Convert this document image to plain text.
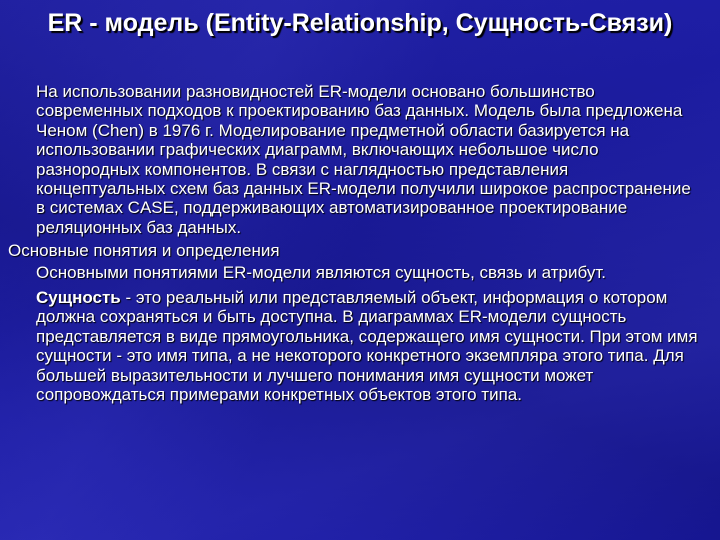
ER - модель (Entity-Relationship, Сущность-Связи)

На использовании разновидностей ER-модели основано большинство современных подходов к проектированию баз данных. Модель была предложена Ченом (Chen) в 1976 г. Моделирование предметной области базируется на использовании графических диаграмм, включающих небольшое число разнородных компонентов. В связи с наглядностью представления концептуальных схем баз данных ER-модели получили широкое распространение в системах CASE, поддерживающих автоматизированное проектирование реляционных баз данных.

Основные понятия и определения

Основными понятиями ER-модели являются сущность, связь и атрибут.

Сущность - это реальный или представляемый объект, информация о котором должна сохраняться и быть доступна. В диаграммах ER-модели сущность представляется в виде прямоугольника, содержащего имя сущности. При этом имя сущности - это имя типа, а не некоторого конкретного экземпляра этого типа. Для большей выразительности и лучшего понимания имя сущности может сопровождаться примерами конкретных объектов этого типа.
